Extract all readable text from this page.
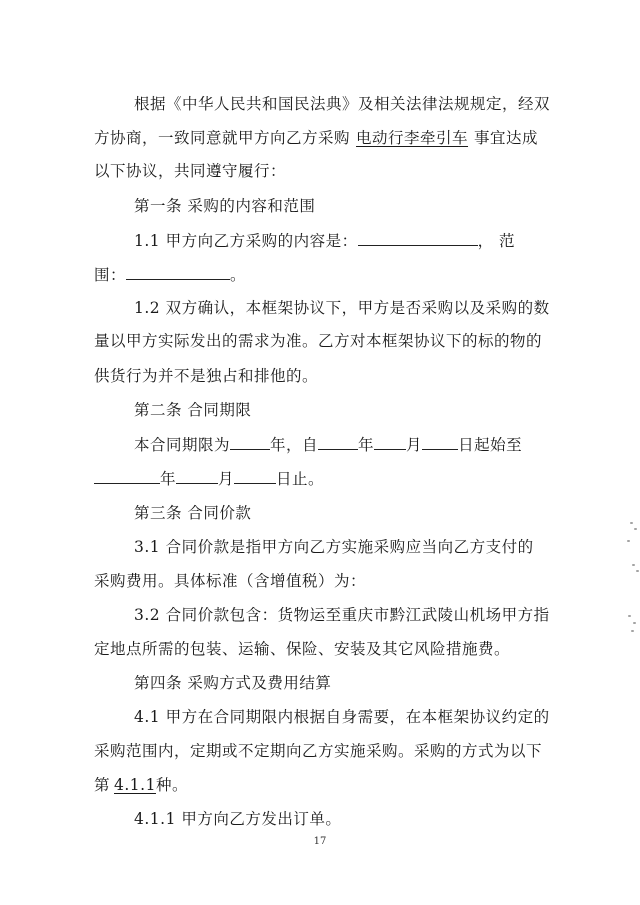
根据《中华人民共和国民法典》及相关法律法规规定，经双
方协商，一致同意就甲方向乙方采购 电动行李牵引车 事宜达成
以下协议，共同遵守履行：
第一条 采购的内容和范围
1.1 甲方向乙方采购的内容是：	， 范
围：	。
1.2 双方确认，本框架协议下，甲方是否采购以及采购的数
量以甲方实际发出的需求为准。乙方对本框架协议下的标的物的
供货行为并不是独占和排他的。
第二条 合同期限
本合同期限为	年，自	年 月 日起始至
年	月	日止。
第三条 合同价款
3.1 合同价款是指甲方向乙方实施采购应当向乙方支付的
采购费用。具体标准（含增值税）为：
3.2 合同价款包含：货物运至重庆市黔江武陵山机场甲方指
定地点所需的包装、运输、保险、安装及其它风险措施费。
第四条 采购方式及费用结算
4.1 甲方在合同期限内根据自身需要，在本框架协议约定的
采购范围内，定期或不定期向乙方实施采购。采购的方式为以下
第 4.1.1种。
4.1.1 甲方向乙方发出订单。
17
